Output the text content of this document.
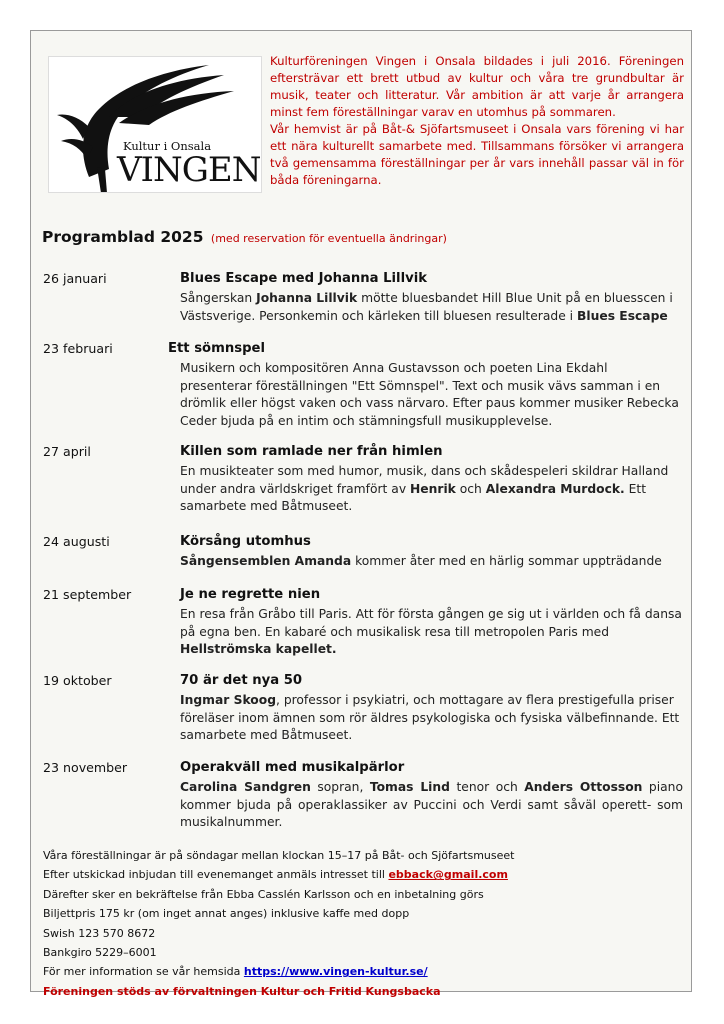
Kultur i Onsala
VINGEN

Kulturföreningen Vingen i Onsala bildades i juli 2016. Föreningen eftersträvar ett brett utbud av kultur och våra tre grundbultar är musik, teater och litteratur. Vår ambition är att varje år arrangera minst fem föreställningar varav en utomhus på sommaren.

Vår hemvist är på Båt-& Sjöfartsmuseet i Onsala vars förening vi har ett nära kulturellt samarbete med. Tillsammans försöker vi arrangera två gemensamma föreställningar per år vars innehåll passar väl in för båda föreningarna.

Programblad 2025 (med reservation för eventuella ändringar)
26 januari	Blues Escape med Johanna Lillvik
Sångerskan Johanna Lillvik mötte bluesbandet Hill Blue Unit på en bluesscen i Västsverige. Personkemin och kärleken till bluesen resulterade i Blues Escape
23 februari	Ett sömnspel
Musikern och kompositören Anna Gustavsson och poeten Lina Ekdahl presenterar föreställningen "Ett Sömnspel". Text och musik vävs samman i en drömlik eller högst vaken och vass närvaro. Efter paus kommer musiker Rebecka Ceder bjuda på en intim och stämningsfull musikupplevelse.
27 april	Killen som ramlade ner från himlen
En musikteater som med humor, musik, dans och skådespeleri skildrar Halland under andra världskriget framfört av Henrik och Alexandra Murdock. Ett samarbete med Båtmuseet.
24 augusti	Körsång utomhus
Sångensemblen Amanda kommer åter med en härlig sommar uppträdande
21 september	Je ne regrette nien
En resa från Gråbo till Paris. Att för första gången ge sig ut i världen och få dansa på egna ben. En kabaré och musikalisk resa till metropolen Paris med Hellströmska kapellet.
19 oktober	70 är det nya 50
Ingmar Skoog, professor i psykiatri, och mottagare av flera prestigefulla priser föreläser inom ämnen som rör äldres psykologiska och fysiska välbefinnande. Ett samarbete med Båtmuseet.
23 november	Operakväll med musikalpärlor
Carolina Sandgren sopran, Tomas Lind tenor och Anders Ottosson piano kommer bjuda på operaklassiker av Puccini och Verdi samt såväl operett- som musikalnummer.
Våra föreställningar är på söndagar mellan klockan 15–17 på Båt- och Sjöfartsmuseet
Efter utskickad inbjudan till evenemanget anmäls intresset till ebback@gmail.com
Därefter sker en bekräftelse från Ebba Casslén Karlsson och en inbetalning görs
Biljettpris 175 kr (om inget annat anges) inklusive kaffe med dopp
Swish 123 570 8672
Bankgiro 5229–6001
För mer information se vår hemsida https://www.vingen-kultur.se/
Föreningen stöds av förvaltningen Kultur och Fritid Kungsbacka
